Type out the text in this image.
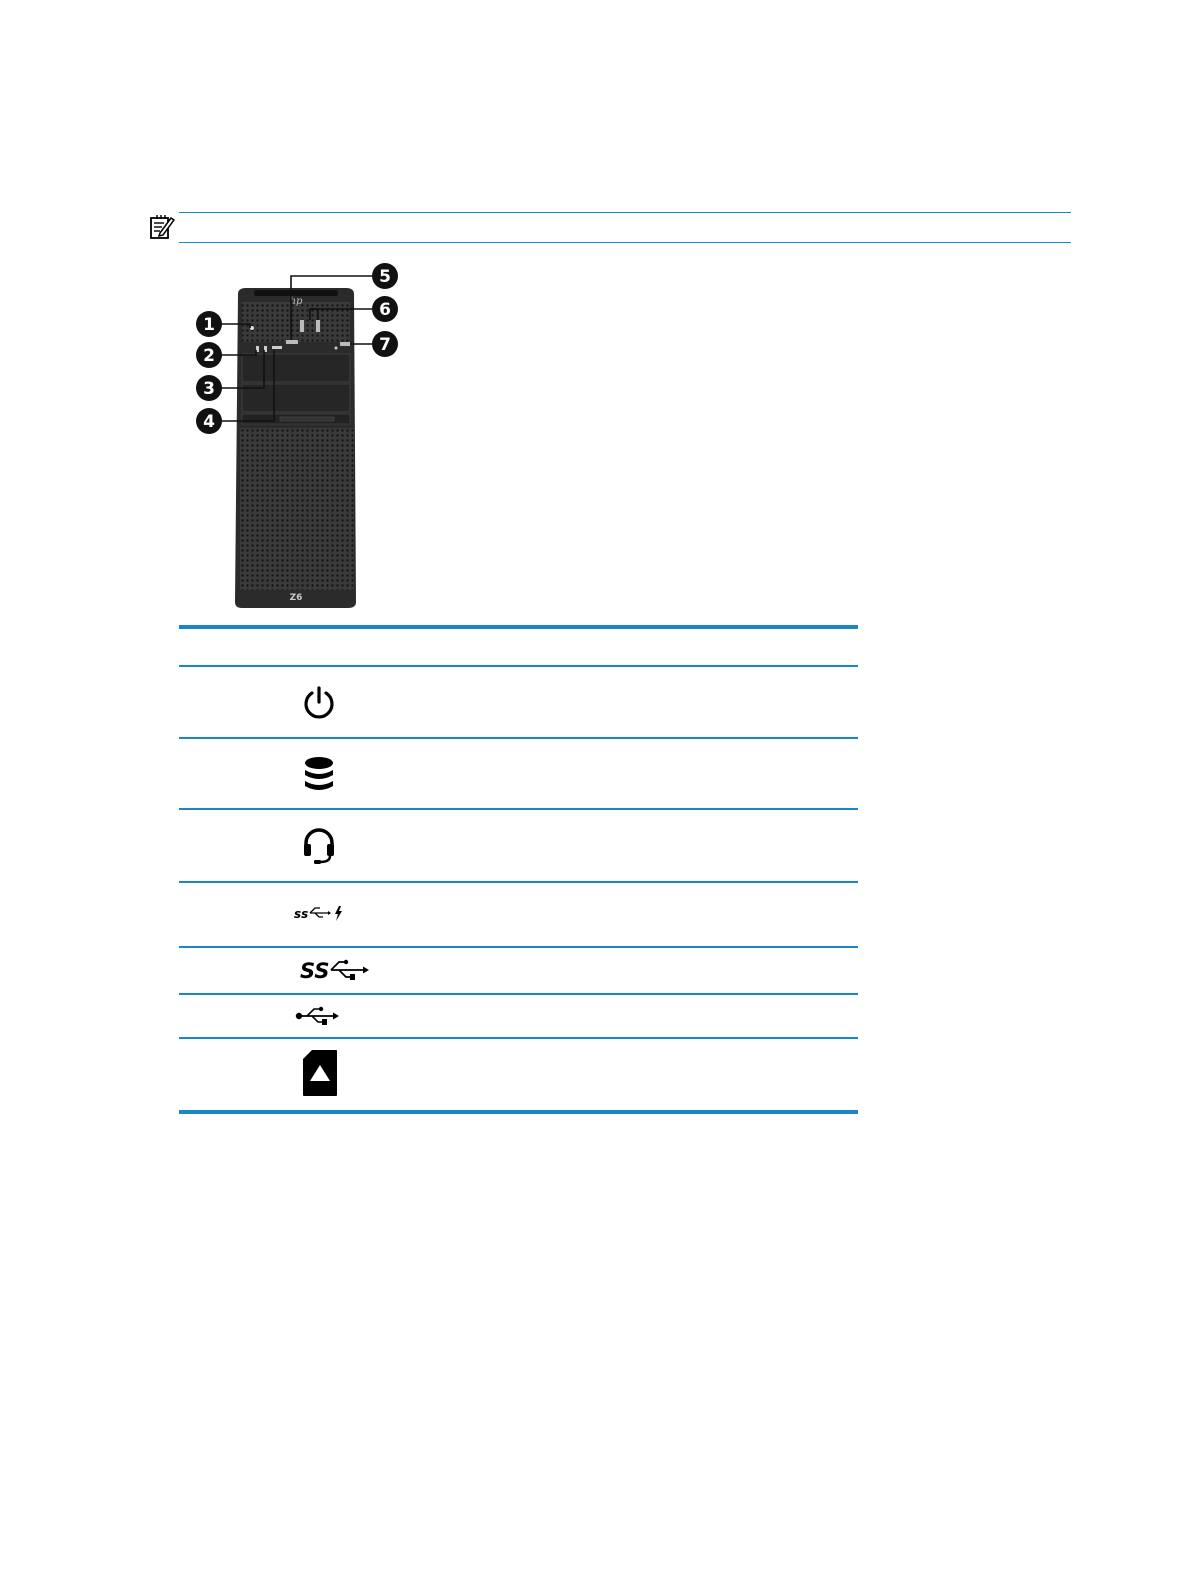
hp
Z6
1
2
3
4
5
6
7
ss
SS
